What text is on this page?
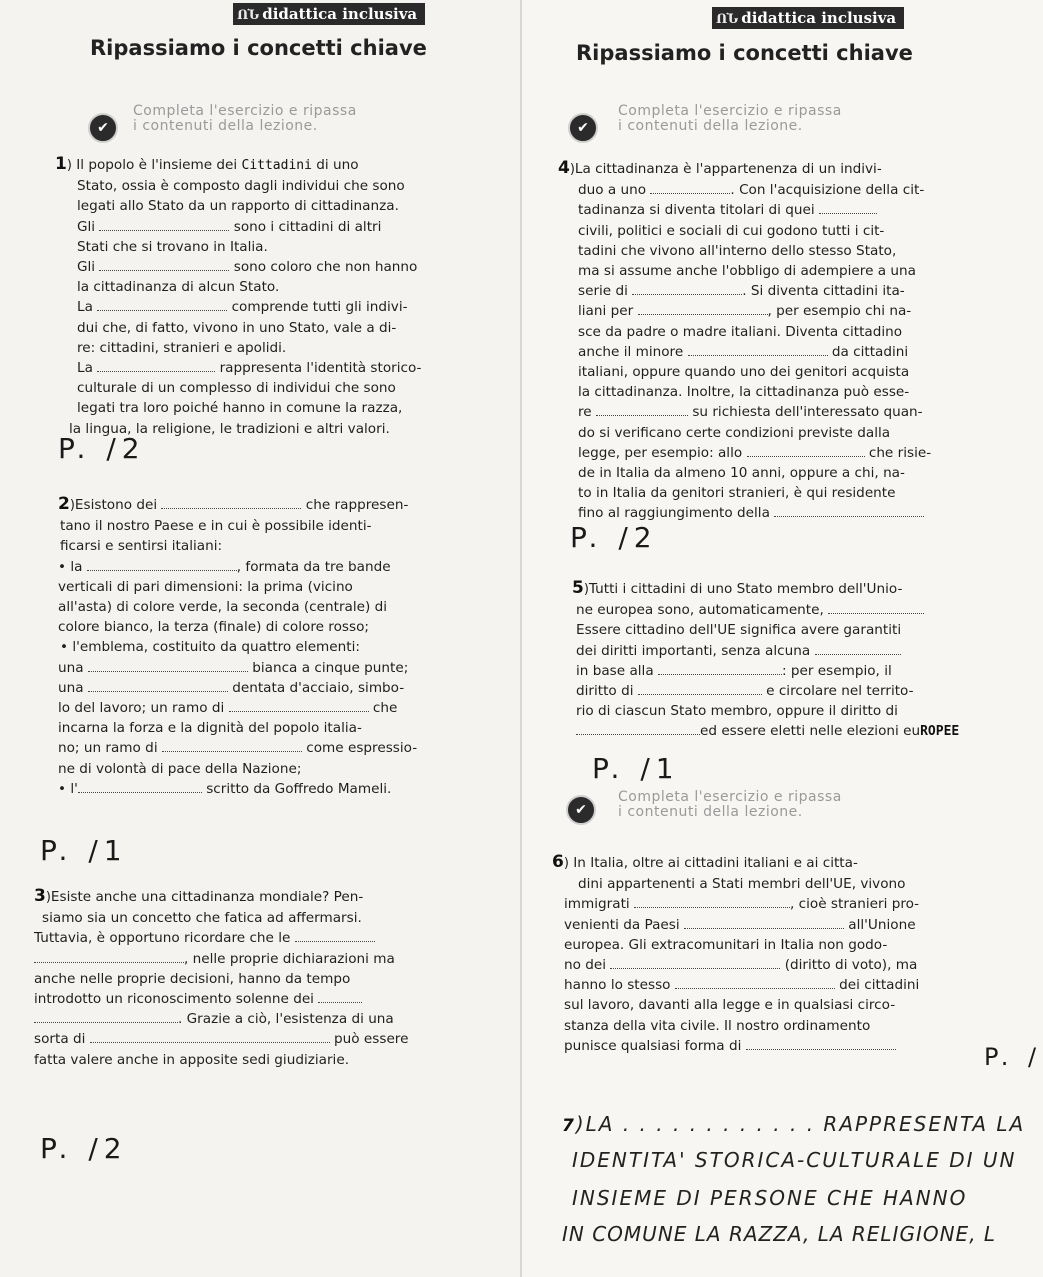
ՈՆ didattica inclusiva
Ripassiamo i concetti chiave
✔
Completa l'esercizio e ripassa
i contenuti della lezione.

1) Il popolo è l'insieme dei Cittadini di uno

Stato, ossia è composto dagli individui che sono

legati allo Stato da un rapporto di cittadinanza.

Gli	sono i cittadini di altri

Stati che si trovano in Italia.

Gli	sono coloro che non hanno

la cittadinanza di alcun Stato.

La	comprende tutti gli indivi-

dui che, di fatto, vivono in uno Stato, vale a di-

re: cittadini, stranieri e apolidi.

La	rappresenta l'identità storico-

culturale di un complesso di individui che sono

legati tra loro poiché hanno in comune la razza,

la lingua, la religione, le tradizioni e altri valori.

P. /2

2)Esistono dei	che rappresen-

tano il nostro Paese e in cui è possibile identi-

ficarsi e sentirsi italiani:

• la	, formata da tre bande

verticali di pari dimensioni: la prima (vicino

all'asta) di colore verde, la seconda (centrale) di

colore bianco, la terza (finale) di colore rosso;

• l'emblema, costituito da quattro elementi:

una	bianca a cinque punte;

una	dentata d'acciaio, simbo-

lo del lavoro; un ramo di	che

incarna la forza e la dignità del popolo italia-

no; un ramo di	come espressio-

ne di volontà di pace della Nazione;

• l'	scritto da Goffredo Mameli.

P. /1

3)Esiste anche una cittadinanza mondiale? Pen-

siamo sia un concetto che fatica ad affermarsi.

Tuttavia, è opportuno ricordare che le

, nelle proprie dichiarazioni ma

anche nelle proprie decisioni, hanno da tempo

introdotto un riconoscimento solenne dei

. Grazie a ciò, l'esistenza di una

sorta di	può essere

fatta valere anche in apposite sedi giudiziarie.

P. /2
ՈՆ didattica inclusiva
Ripassiamo i concetti chiave
✔
Completa l'esercizio e ripassa
i contenuti della lezione.

4)La cittadinanza è l'appartenenza di un indivi-

duo a uno	. Con l'acquisizione della cit-

tadinanza si diventa titolari di quei

civili, politici e sociali di cui godono tutti i cit-

tadini che vivono all'interno dello stesso Stato,

ma si assume anche l'obbligo di adempiere a una

serie di	. Si diventa cittadini ita-

liani per	, per esempio chi na-

sce da padre o madre italiani. Diventa cittadino

anche il minore	da cittadini

italiani, oppure quando uno dei genitori acquista

la cittadinanza. Inoltre, la cittadinanza può esse-

re	su richiesta dell'interessato quan-

do si verificano certe condizioni previste dalla

legge, per esempio: allo	che risie-

de in Italia da almeno 10 anni, oppure a chi, na-

to in Italia da genitori stranieri, è qui residente

fino al raggiungimento della

P. /2

5)Tutti i cittadini di uno Stato membro dell'Unio-

ne europea sono, automaticamente,

Essere cittadino dell'UE significa avere garantiti

dei diritti importanti, senza alcuna

in base alla	: per esempio, il

diritto di	e circolare nel territo-

rio di ciascun Stato membro, oppure il diritto di

ed essere eletti nelle elezioni euROPEE

P. /1
✔
Completa l'esercizio e ripassa
i contenuti della lezione.

6) In Italia, oltre ai cittadini italiani e ai citta-

dini appartenenti a Stati membri dell'UE, vivono

immigrati	, cioè stranieri pro-

venienti da Paesi	all'Unione

europea. Gli extracomunitari in Italia non godo-

no dei	(diritto di voto), ma

hanno lo stesso	dei cittadini

sul lavoro, davanti alla legge e in qualsiasi circo-

stanza della vita civile. Il nostro ordinamento

punisce qualsiasi forma di	P. /
7)LA . . . . . . . . . . . . RAPPRESENTA LA
IDENTITA' STORICA-CULTURALE DI UN
INSIEME DI PERSONE CHE HANNO
IN COMUNE LA RAZZA, LA RELIGIONE, L
